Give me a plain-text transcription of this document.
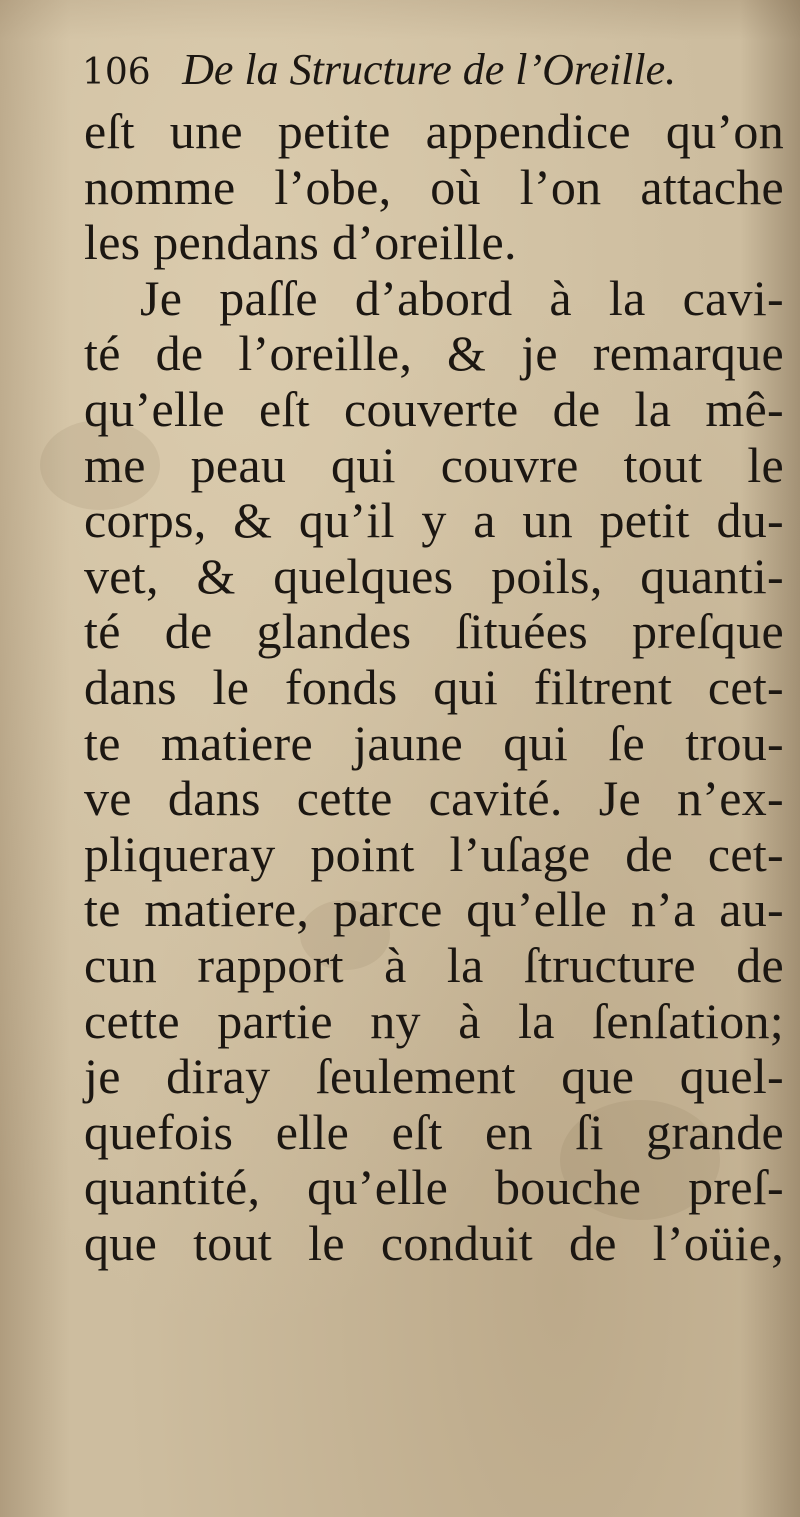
106 De la Structure de l’Oreille.
eſt une petite appendice qu’on
nomme l’obe, où l’on attache
les pendans d’oreille.
Je paſſe d’abord à la cavi-
té de l’oreille, & je remarque
qu’elle eſt couverte de la mê-
me peau qui couvre tout le
corps, & qu’il y a un petit du-
vet, & quelques poils, quanti-
té de glandes ſituées preſque
dans le fonds qui filtrent cet-
te matiere jaune qui ſe trou-
ve dans cette cavité. Je n’ex-
pliqueray point l’uſage de cet-
te matiere, parce qu’elle n’a au-
cun rapport à la ſtructure de
cette partie ny à la ſenſation;
je diray ſeulement que quel-
quefois elle eſt en ſi grande
quantité, qu’elle bouche preſ-
que tout le conduit de l’oüie,
